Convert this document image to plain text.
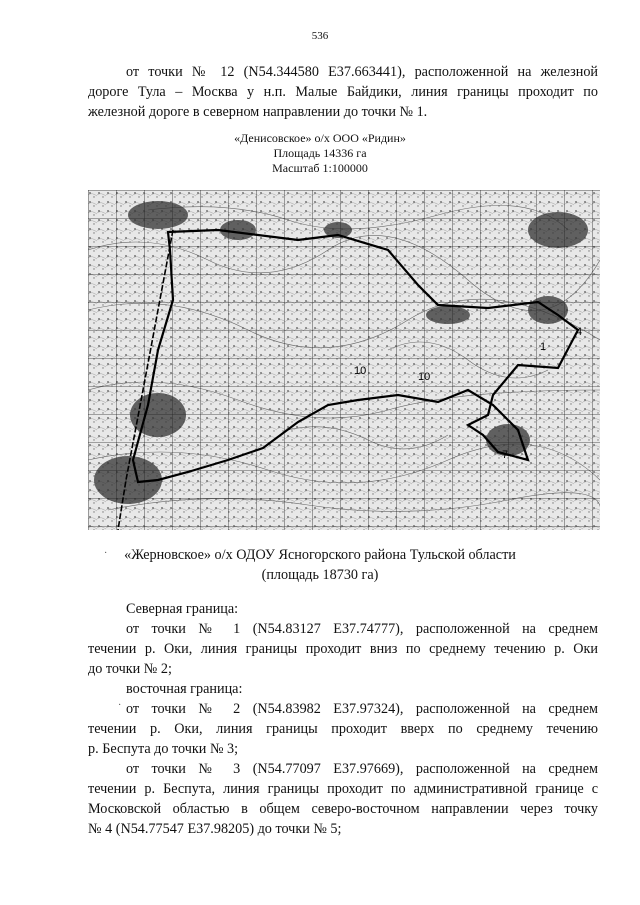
536
от точки № 12 (N54.344580 E37.663441), расположенной на железной
дороге Тула – Москва у н.п. Малые Байдики, линия границы проходит по
железной дороге в северном направлении до точки № 1.
«Денисовское» о/х ООО «Ридин»
Площадь 14336 га
Масштаб 1:100000
4
10	10
7
1
·	«Жерновское» о/х ОДОУ Ясногорского района Тульской области
(площадь 18730 га)
Северная граница:
от точки № 1 (N54.83127 E37.74777), расположенной на среднем
течении р. Оки, линия границы проходит вниз по среднему течению р. Оки
до точки № 2;
восточная граница:
· от точки № 2 (N54.83982 E37.97324), расположенной на среднем
течении р. Оки, линия границы проходит вверх по среднему течению
р. Беспута до точки № 3;
от точки № 3 (N54.77097 E37.97669), расположенной на среднем
течении р. Беспута, линия границы проходит по административной границе с
Московской областью в общем северо-восточном направлении через точку
№ 4 (N54.77547 E37.98205) до точки № 5;
